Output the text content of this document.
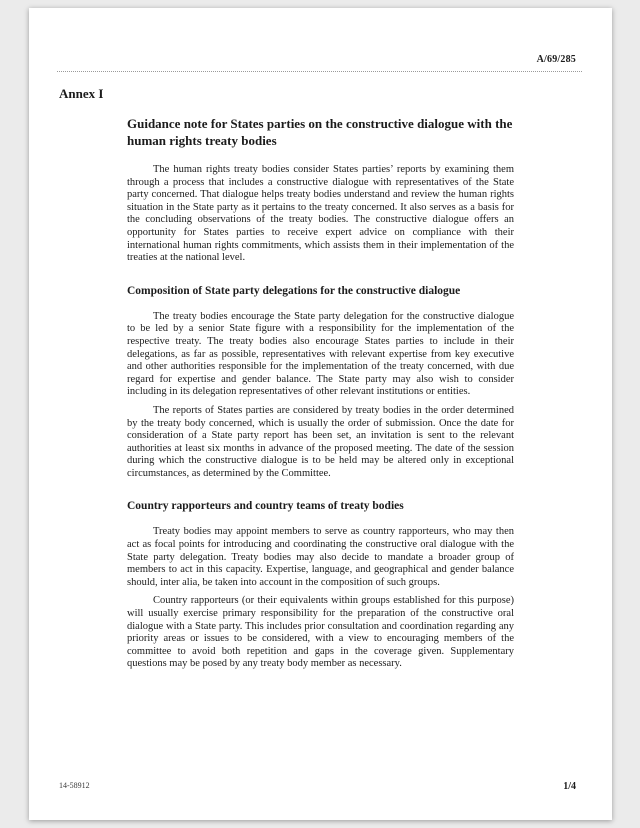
A/69/285
Annex I
Guidance note for States parties on the constructive dialogue with the human rights treaty bodies

The human rights treaty bodies consider States parties’ reports by examining them through a process that includes a constructive dialogue with representatives of the State party concerned. That dialogue helps treaty bodies understand and review the human rights situation in the State party as it pertains to the treaty concerned. It also serves as a basis for the concluding observations of the treaty bodies. The constructive dialogue offers an opportunity for States parties to receive expert advice on compliance with their international human rights commitments, which assists them in their implementation of the treaties at the national level.

Composition of State party delegations for the constructive dialogue

The treaty bodies encourage the State party delegation for the constructive dialogue to be led by a senior State figure with a responsibility for the implementation of the respective treaty. The treaty bodies also encourage States parties to include in their delegations, as far as possible, representatives with relevant expertise from key executive and other authorities responsible for the implementation of the treaty concerned, with due regard for expertise and gender balance. The State party may also wish to consider including in its delegation representatives of other relevant institutions or entities.

The reports of States parties are considered by treaty bodies in the order determined by the treaty body concerned, which is usually the order of submission. Once the date for consideration of a State party report has been set, an invitation is sent to the relevant authorities at least six months in advance of the proposed meeting. The date of the session during which the constructive dialogue is to be held may be altered only in exceptional circumstances, as determined by the Committee.

Country rapporteurs and country teams of treaty bodies

Treaty bodies may appoint members to serve as country rapporteurs, who may then act as focal points for introducing and coordinating the constructive oral dialogue with the State party delegation. Treaty bodies may also decide to mandate a broader group of members to act in this capacity. Expertise, language, and geographical and gender balance should, inter alia, be taken into account in the composition of such groups.

Country rapporteurs (or their equivalents within groups established for this purpose) will usually exercise primary responsibility for the preparation of the constructive oral dialogue with a State party. This includes prior consultation and coordination regarding any priority areas or issues to be considered, with a view to encouraging members of the committee to avoid both repetition and gaps in the coverage given. Supplementary questions may be posed by any treaty body member as necessary.

14-58912	1/4
